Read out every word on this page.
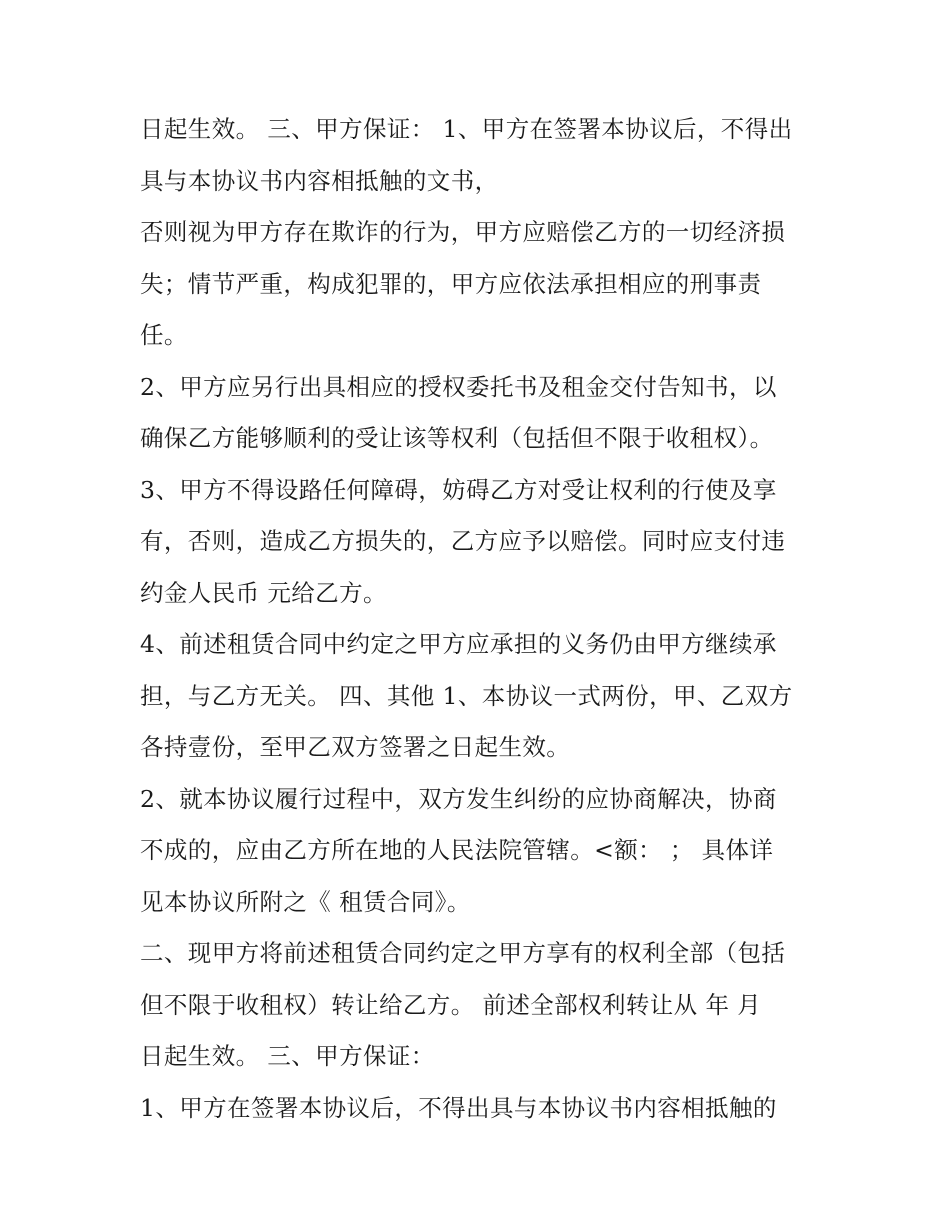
日起生效。 三、甲方保证： 1、甲方在签署本协议后，不得出
具与本协议书内容相抵触的文书，
否则视为甲方存在欺诈的行为，甲方应赔偿乙方的一切经济损
失；情节严重，构成犯罪的，甲方应依法承担相应的刑事责
任。
2、甲方应另行出具相应的授权委托书及租金交付告知书，以
确保乙方能够顺利的受让该等权利（包括但不限于收租权）。
3、甲方不得设路任何障碍，妨碍乙方对受让权利的行使及享
有，否则，造成乙方损失的，乙方应予以赔偿。同时应支付违
约金人民币 元给乙方。
4、前述租赁合同中约定之甲方应承担的义务仍由甲方继续承
担，与乙方无关。 四、其他 1、本协议一式两份，甲、乙双方
各持壹份，至甲乙双方签署之日起生效。
2、就本协议履行过程中，双方发生纠纷的应协商解决，协商
不成的，应由乙方所在地的人民法院管辖。<额： ； 具体详
见本协议所附之《 租赁合同》。
二、现甲方将前述租赁合同约定之甲方享有的权利全部（包括
但不限于收租权）转让给乙方。 前述全部权利转让从 年 月
日起生效。 三、甲方保证：
1、甲方在签署本协议后，不得出具与本协议书内容相抵触的
